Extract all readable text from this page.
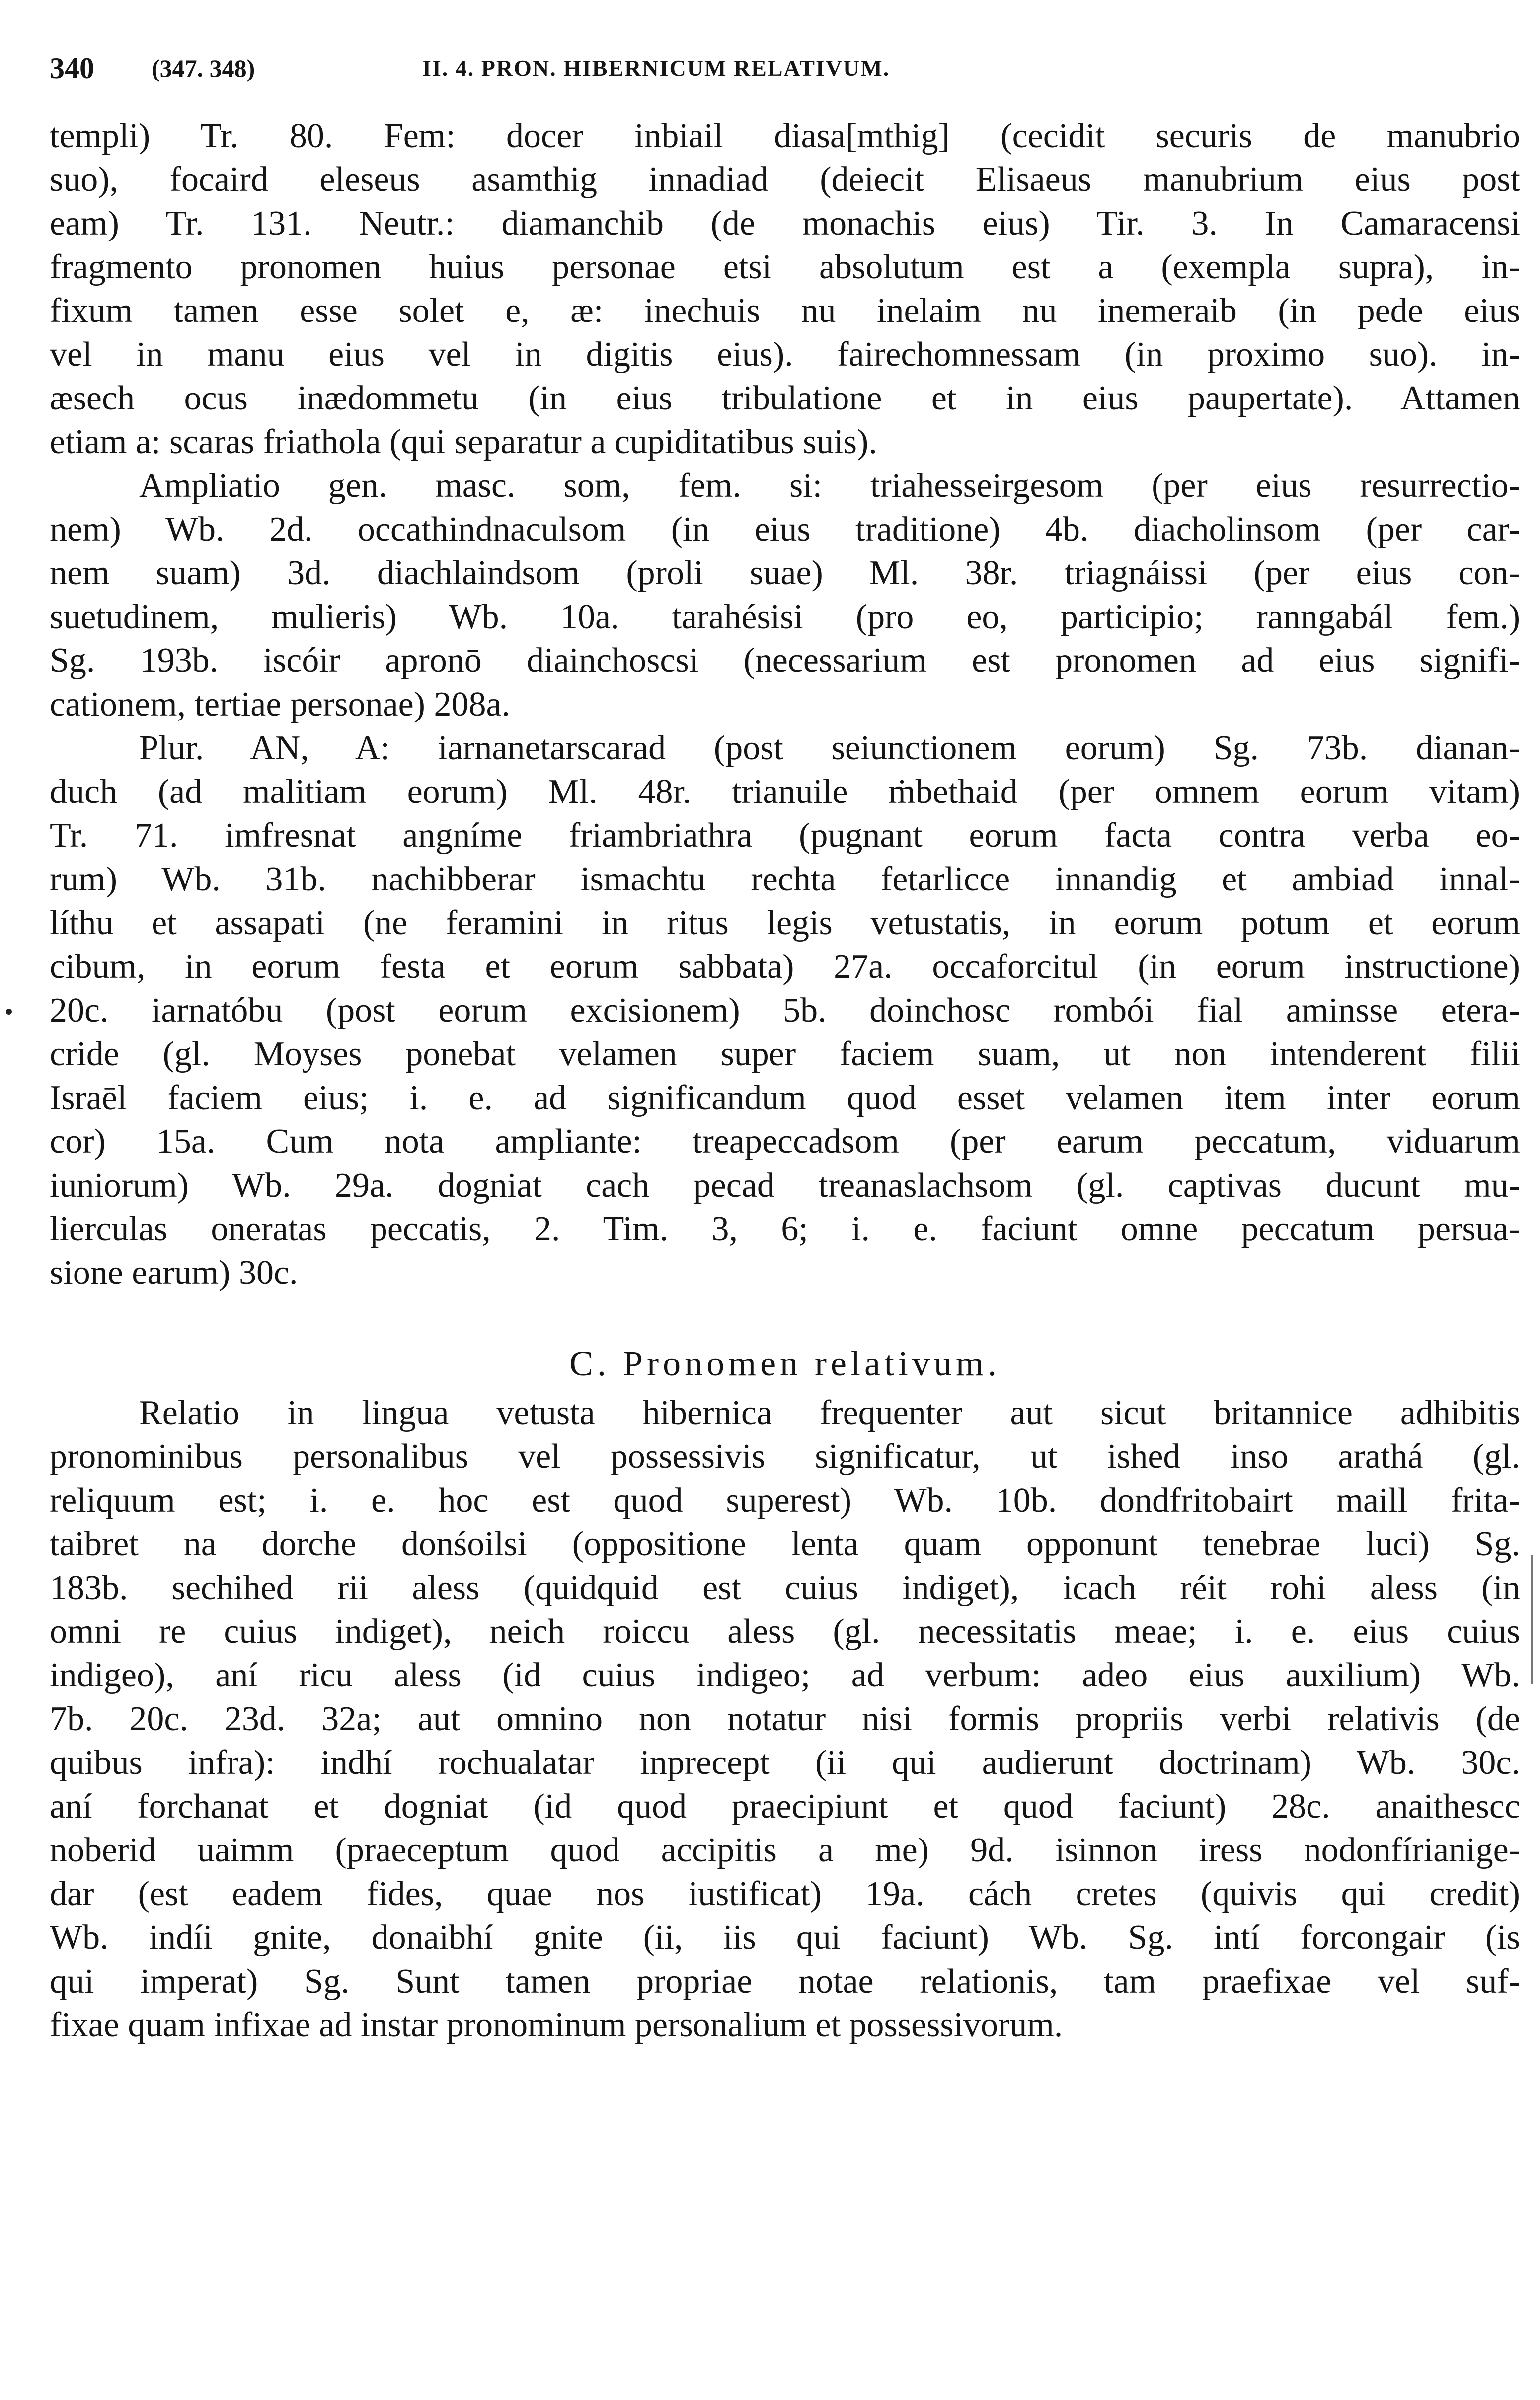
340 (347. 348)	II. 4. PRON. HIBERNICUM RELATIVUM.
templi) Tr. 80. Fem: docer inbiail diasa[mthig] (cecidit securis de manubrio
suo), focaird eleseus asamthig innadiad (deiecit Elisaeus manubrium eius post
eam) Tr. 131. Neutr.: diamanchib (de monachis eius) Tir. 3. In Camaracensi
fragmento pronomen huius personae etsi absolutum est a (exempla supra), in-
fixum tamen esse solet e, æ: inechuis nu inelaim nu inemeraib (in pede eius
vel in manu eius vel in digitis eius). fairechomnessam (in proximo suo). in-
æsech ocus inædommetu (in eius tribulatione et in eius paupertate). Attamen
etiam a: scaras friathola (qui separatur a cupiditatibus suis).
Ampliatio gen. masc. som, fem. si: triahesseirgesom (per eius resurrectio-
nem) Wb. 2d. occathindnaculsom (in eius traditione) 4b. diacholinsom (per car-
nem suam) 3d. diachlaindsom (proli suae) Ml. 38r. triagnáissi (per eius con-
suetudinem, mulieris) Wb. 10a. tarahésisi (pro eo, participio; ranngabál fem.)
Sg. 193b. iscóir apronō diainchoscsi (necessarium est pronomen ad eius signifi-
cationem, tertiae personae) 208a.
Plur. AN, A: iarnanetarscarad (post seiunctionem eorum) Sg. 73b. dianan-
duch (ad malitiam eorum) Ml. 48r. trianuile ṁbethaid (per omnem eorum vitam)
Tr. 71. imfresnat angníme friambriathra (pugnant eorum facta contra verba eo-
rum) Wb. 31b. nachibberar ismachtu rechta fetarlicce innandig et ambiad innal-
líthu et assapati (ne feramini in ritus legis vetustatis, in eorum potum et eorum
cibum, in eorum festa et eorum sabbata) 27a. occaforcitul (in eorum instructione)
20c. iarnatóbu (post eorum excisionem) 5b. doinchosc rombói fial aminsse etera-
cride (gl. Moyses ponebat velamen super faciem suam, ut non intenderent filii
Israēl faciem eius; i. e. ad significandum quod esset velamen item inter eorum
cor) 15a. Cum nota ampliante: treapeccadsom (per earum peccatum, viduarum
iuniorum) Wb. 29a. dogniat cach pecad treanaslachsom (gl. captivas ducunt mu-
lierculas oneratas peccatis, 2. Tim. 3, 6; i. e. faciunt omne peccatum persua-
sione earum) 30c.
C. Pronomen relativum.
Relatio in lingua vetusta hibernica frequenter aut sicut britannice adhibitis
pronominibus personalibus vel possessivis significatur, ut ished inso arathá (gl.
reliquum est; i. e. hoc est quod superest) Wb. 10b. dondfritobairt maill frita-
taibret na dorche donśoilsi (oppositione lenta quam opponunt tenebrae luci) Sg.
183b. sechihed rii aless (quidquid est cuius indiget), icach réit rohi aless (in
omni re cuius indiget), neich roiccu aless (gl. necessitatis meae; i. e. eius cuius
indigeo), aní ricu aless (id cuius indigeo; ad verbum: adeo eius auxilium) Wb.
7b. 20c. 23d. 32a; aut omnino non notatur nisi formis propriis verbi relativis (de
quibus infra): indhí rochualatar inprecept (ii qui audierunt doctrinam) Wb. 30c.
aní forchanat et dogniat (id quod praecipiunt et quod faciunt) 28c. anaithescc
noberid uaimm (praeceptum quod accipitis a me) 9d. isinnon iress nodonfírianige-
dar (est eadem fides, quae nos iustificat) 19a. cách cretes (quivis qui credit)
Wb. indíi gnite, donaibhí gnite (ii, iis qui faciunt) Wb. Sg. intí forcongair (is
qui imperat) Sg. Sunt tamen propriae notae relationis, tam praefixae vel suf-
fixae quam infixae ad instar pronominum personalium et possessivorum.
